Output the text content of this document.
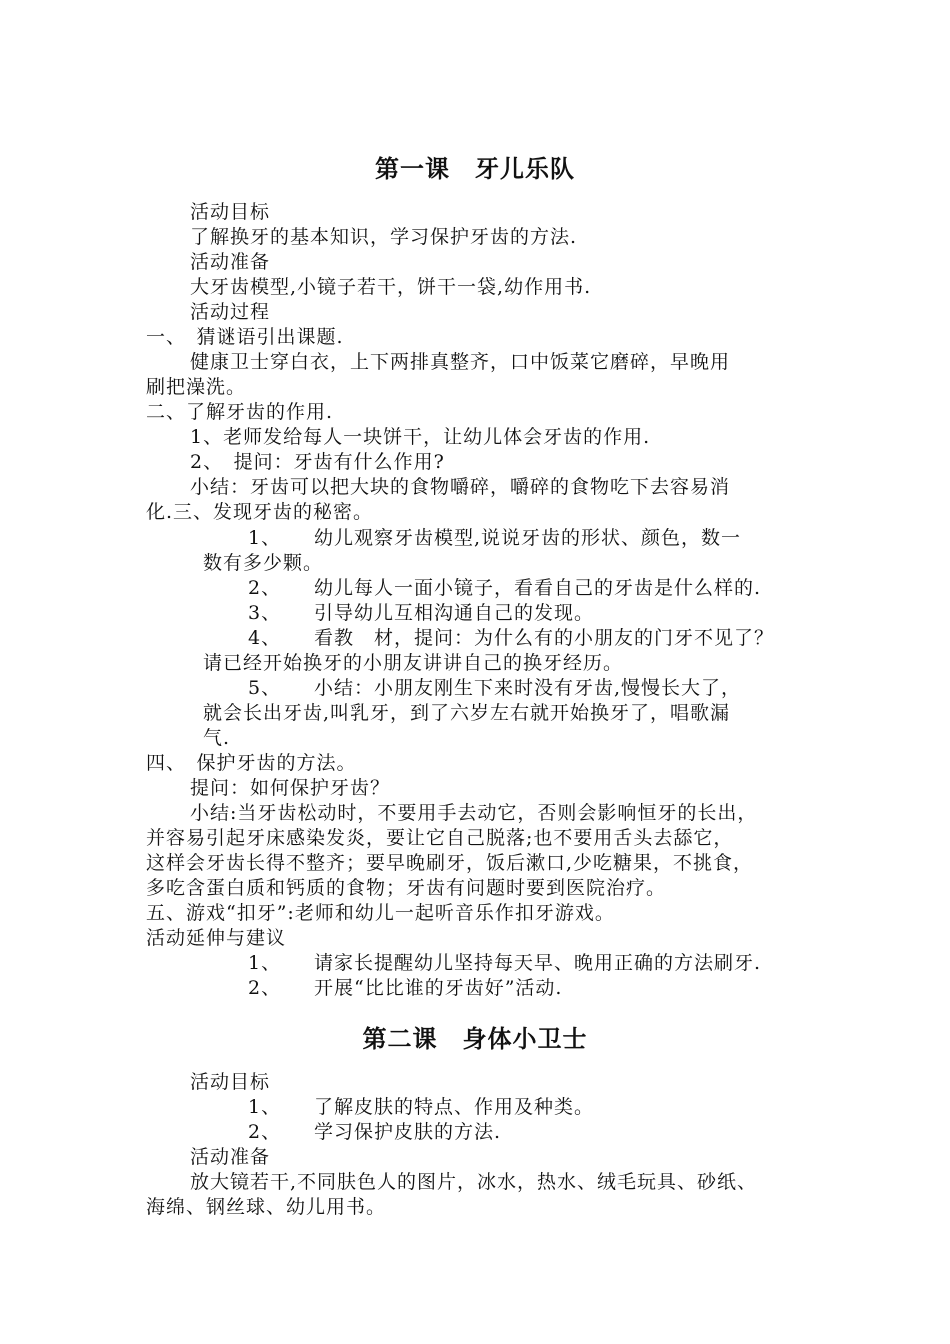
第一课　牙儿乐队
活动目标
了解换牙的基本知识，学习保护牙齿的方法.
活动准备
大牙齿模型,小镜子若干，饼干一袋,幼作用书.
活动过程
一、　猜谜语引出课题.
健康卫士穿白衣，上下两排真整齐，口中饭菜它磨碎，早晚用
刷把澡洗。
二、了解牙齿的作用.
1、老师发给每人一块饼干，让幼儿体会牙齿的作用.
2、　提问：牙齿有什么作用?
小结：牙齿可以把大块的食物嚼碎，嚼碎的食物吃下去容易消
化.三、发现牙齿的秘密。
1、 幼儿观察牙齿模型,说说牙齿的形状、颜色，数一
数有多少颗。
2、 幼儿每人一面小镜子，看看自己的牙齿是什么样的.
3、 引导幼儿互相沟通自己的发现。
4、 看教　材，提问：为什么有的小朋友的门牙不见了？
请已经开始换牙的小朋友讲讲自己的换牙经历。
5、 小结：小朋友刚生下来时没有牙齿,慢慢长大了，
就会长出牙齿,叫乳牙，到了六岁左右就开始换牙了，唱歌漏
气.
四、　保护牙齿的方法。
提问：如何保护牙齿？
小结:当牙齿松动时，不要用手去动它，否则会影响恒牙的长出，
并容易引起牙床感染发炎，要让它自己脱落;也不要用舌头去舔它，
这样会牙齿长得不整齐；要早晚刷牙，饭后漱口,少吃糖果，不挑食，
多吃含蛋白质和钙质的食物；牙齿有问题时要到医院治疗。
五、游戏“扣牙”:老师和幼儿一起听音乐作扣牙游戏。
活动延伸与建议
1、 请家长提醒幼儿坚持每天早、晚用正确的方法刷牙.
2、 开展“比比谁的牙齿好”活动.
第二课　身体小卫士
活动目标
1、 了解皮肤的特点、作用及种类。
2、 学习保护皮肤的方法.
活动准备
放大镜若干,不同肤色人的图片，冰水，热水、绒毛玩具、砂纸、
海绵、钢丝球、幼儿用书。
